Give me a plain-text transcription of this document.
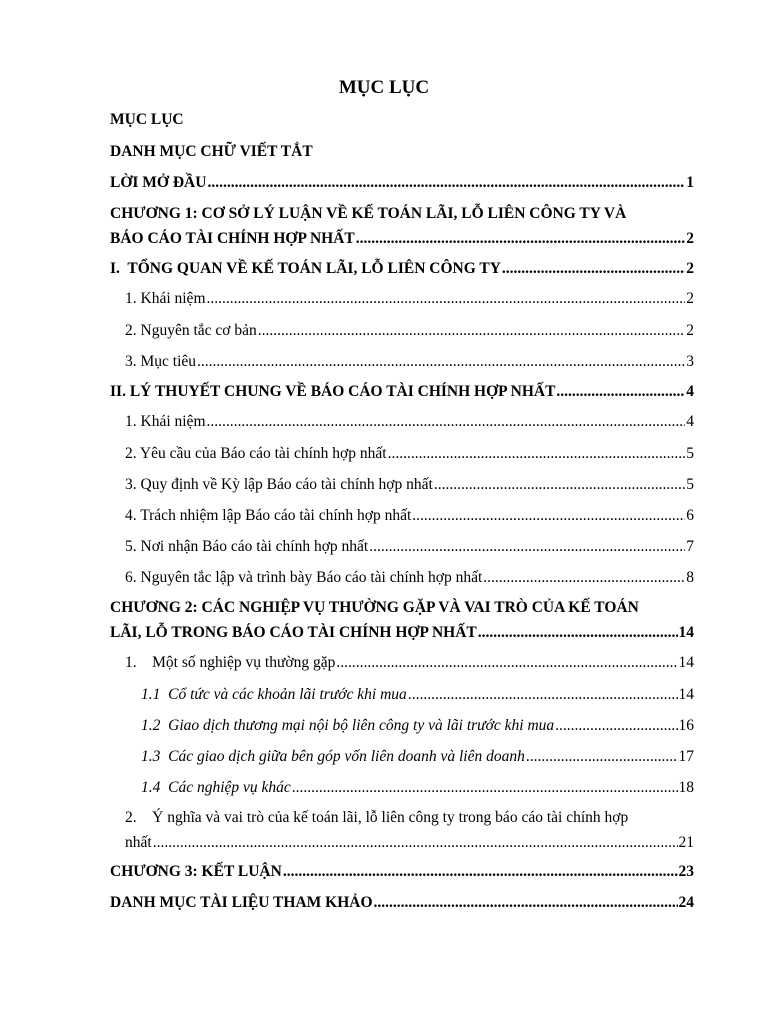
MỤC LỤC
MỤC LỤC
DANH MỤC CHỮ VIẾT TẮT
LỜI MỞ ĐẦU .....	1
CHƯƠNG 1: CƠ SỞ LÝ LUẬN VỀ KẾ TOÁN LÃI, LỖ LIÊN CÔNG TY VÀ
BÁO CÁO TÀI CHÍNH HỢP NHẤT .....	2
I.  TỔNG QUAN VỀ KẾ TOÁN LÃI, LỖ LIÊN CÔNG TY .....	2
1. Khái niệm .....	2
2. Nguyên tắc cơ bản .....	2
3. Mục tiêu .....	3
II. LÝ THUYẾT CHUNG VỀ BÁO CÁO TÀI CHÍNH HỢP NHẤT .....	4
1. Khái niệm .....	4
2. Yêu cầu của Báo cáo tài chính hợp nhất .....	5
3. Quy định về Kỳ lập Báo cáo tài chính hợp nhất .....	5
4. Trách nhiệm lập Báo cáo tài chính hợp nhất .....	6
5. Nơi nhận Báo cáo tài chính hợp nhất .....	7
6. Nguyên tắc lập và trình bày Báo cáo tài chính hợp nhất .....	8
CHƯƠNG 2: CÁC NGHIỆP VỤ THƯỜNG GẶP VÀ VAI TRÒ CỦA KẾ TOÁN
LÃI, LỖ TRONG BÁO CÁO TÀI CHÍNH HỢP NHẤT .....	14
1.    Một số nghiệp vụ thường gặp .....	14
1.1  Cổ tức và các khoản lãi trước khi mua .....	14
1.2  Giao dịch thương mại nội bộ liên công ty và lãi trước khi mua .....	16
1.3  Các giao dịch giữa bên góp vốn liên doanh và liên doanh .....	17
1.4  Các nghiệp vụ khác .....	18
2.    Ý nghĩa và vai trò của kế toán lãi, lỗ liên công ty trong báo cáo tài chính hợp
nhất .....	21
CHƯƠNG 3: KẾT LUẬN .....	23
DANH MỤC TÀI LIỆU THAM KHẢO .....	24
